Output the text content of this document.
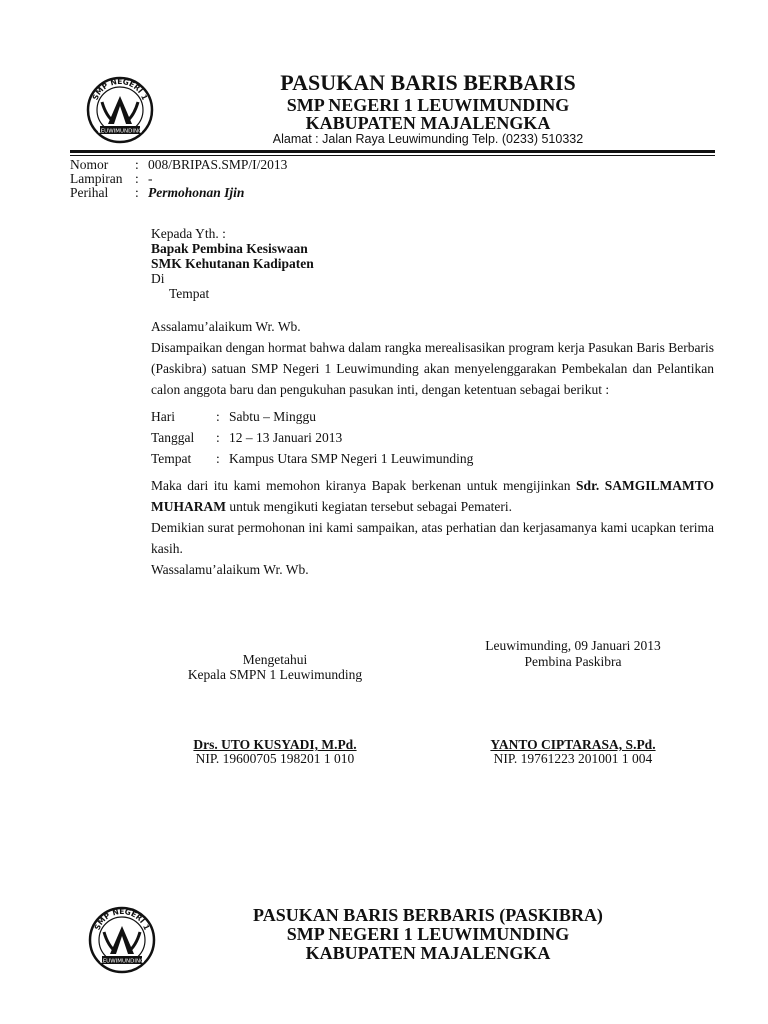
SMP NEGERI 1
LEUWIMUNDING
PASUKAN BARIS BERBARIS
SMP NEGERI 1 LEUWIMUNDING
KABUPATEN MAJALENGKA
Alamat : Jalan Raya Leuwimunding Telp. (0233) 510332
Nomor	: 008/BRIPAS.SMP/I/2013
Lampiran : -
Perihal	: Permohonan Ijin
Kepada Yth. :
Bapak Pembina Kesiswaan
SMK Kehutanan Kadipaten
Di
Tempat

Assalamu’alaikum Wr. Wb.

Disampaikan dengan hormat bahwa dalam rangka merealisasikan program kerja Pasukan Baris Berbaris (Paskibra) satuan SMP Negeri 1 Leuwimunding akan menyelenggarakan Pembekalan dan Pelantikan calon anggota baru dan pengukuhan pasukan inti, dengan ketentuan sebagai berikut :

Hari	: Sabtu – Minggu
Tanggal	: 12 – 13 Januari 2013
Tempat	: Kampus Utara SMP Negeri 1 Leuwimunding

Maka dari itu kami memohon kiranya Bapak berkenan untuk mengijinkan Sdr. SAMGILMAMTO MUHARAM untuk mengikuti kegiatan tersebut sebagai Pemateri.

Demikian surat permohonan ini kami sampaikan, atas perhatian dan kerjasamanya kami ucapkan terima kasih.

Wassalamu’alaikum Wr. Wb.

Leuwimunding, 09 Januari 2013
Pembina Paskibra
Mengetahui
Kepala SMPN 1 Leuwimunding
Drs. UTO KUSYADI, M.Pd.
NIP. 19600705 198201 1 010
YANTO CIPTARASA, S.Pd.
NIP. 19761223 201001 1 004
SMP NEGERI 1
LEUWIMUNDING
PASUKAN BARIS BERBARIS (PASKIBRA)
SMP NEGERI 1 LEUWIMUNDING
KABUPATEN MAJALENGKA
